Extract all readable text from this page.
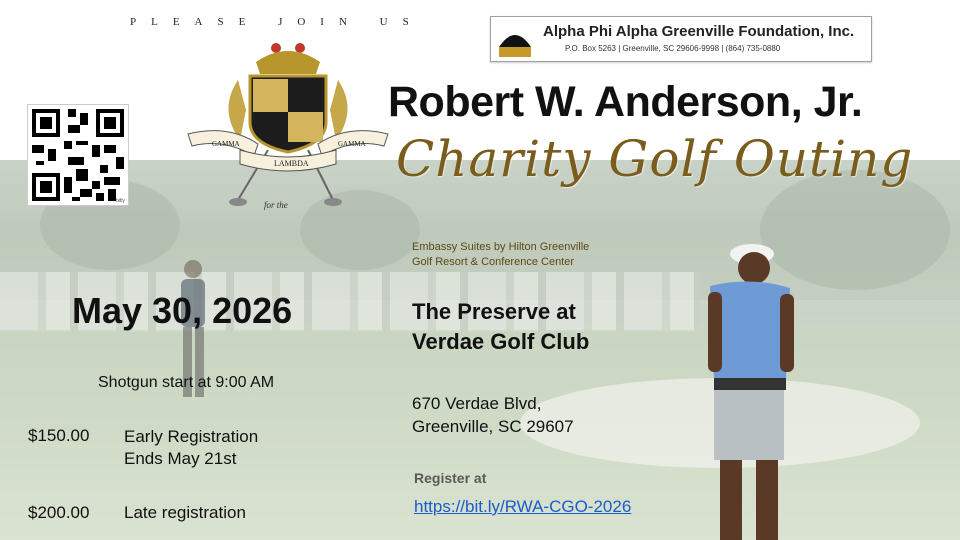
PLEASE JOIN US
bitly
GAMMA
LAMBDA
GAMMA
for the
Alpha Phi Alpha Greenville Foundation, Inc.
P.O. Box 5263 | Greenville, SC 29606-9998 | (864) 735-0880
Robert W. Anderson, Jr.
Charity Golf Outing
Embassy Suites by Hilton Greenville
Golf Resort & Conference Center
May 30, 2026	The Preserve at
Verdae Golf Club
Shotgun start at 9:00 AM
670 Verdae Blvd,
Greenville, SC 29607
$150.00 Early Registration
Ends May 21st
$200.00 Late registration
Register at
https://bit.ly/RWA-CGO-2026
